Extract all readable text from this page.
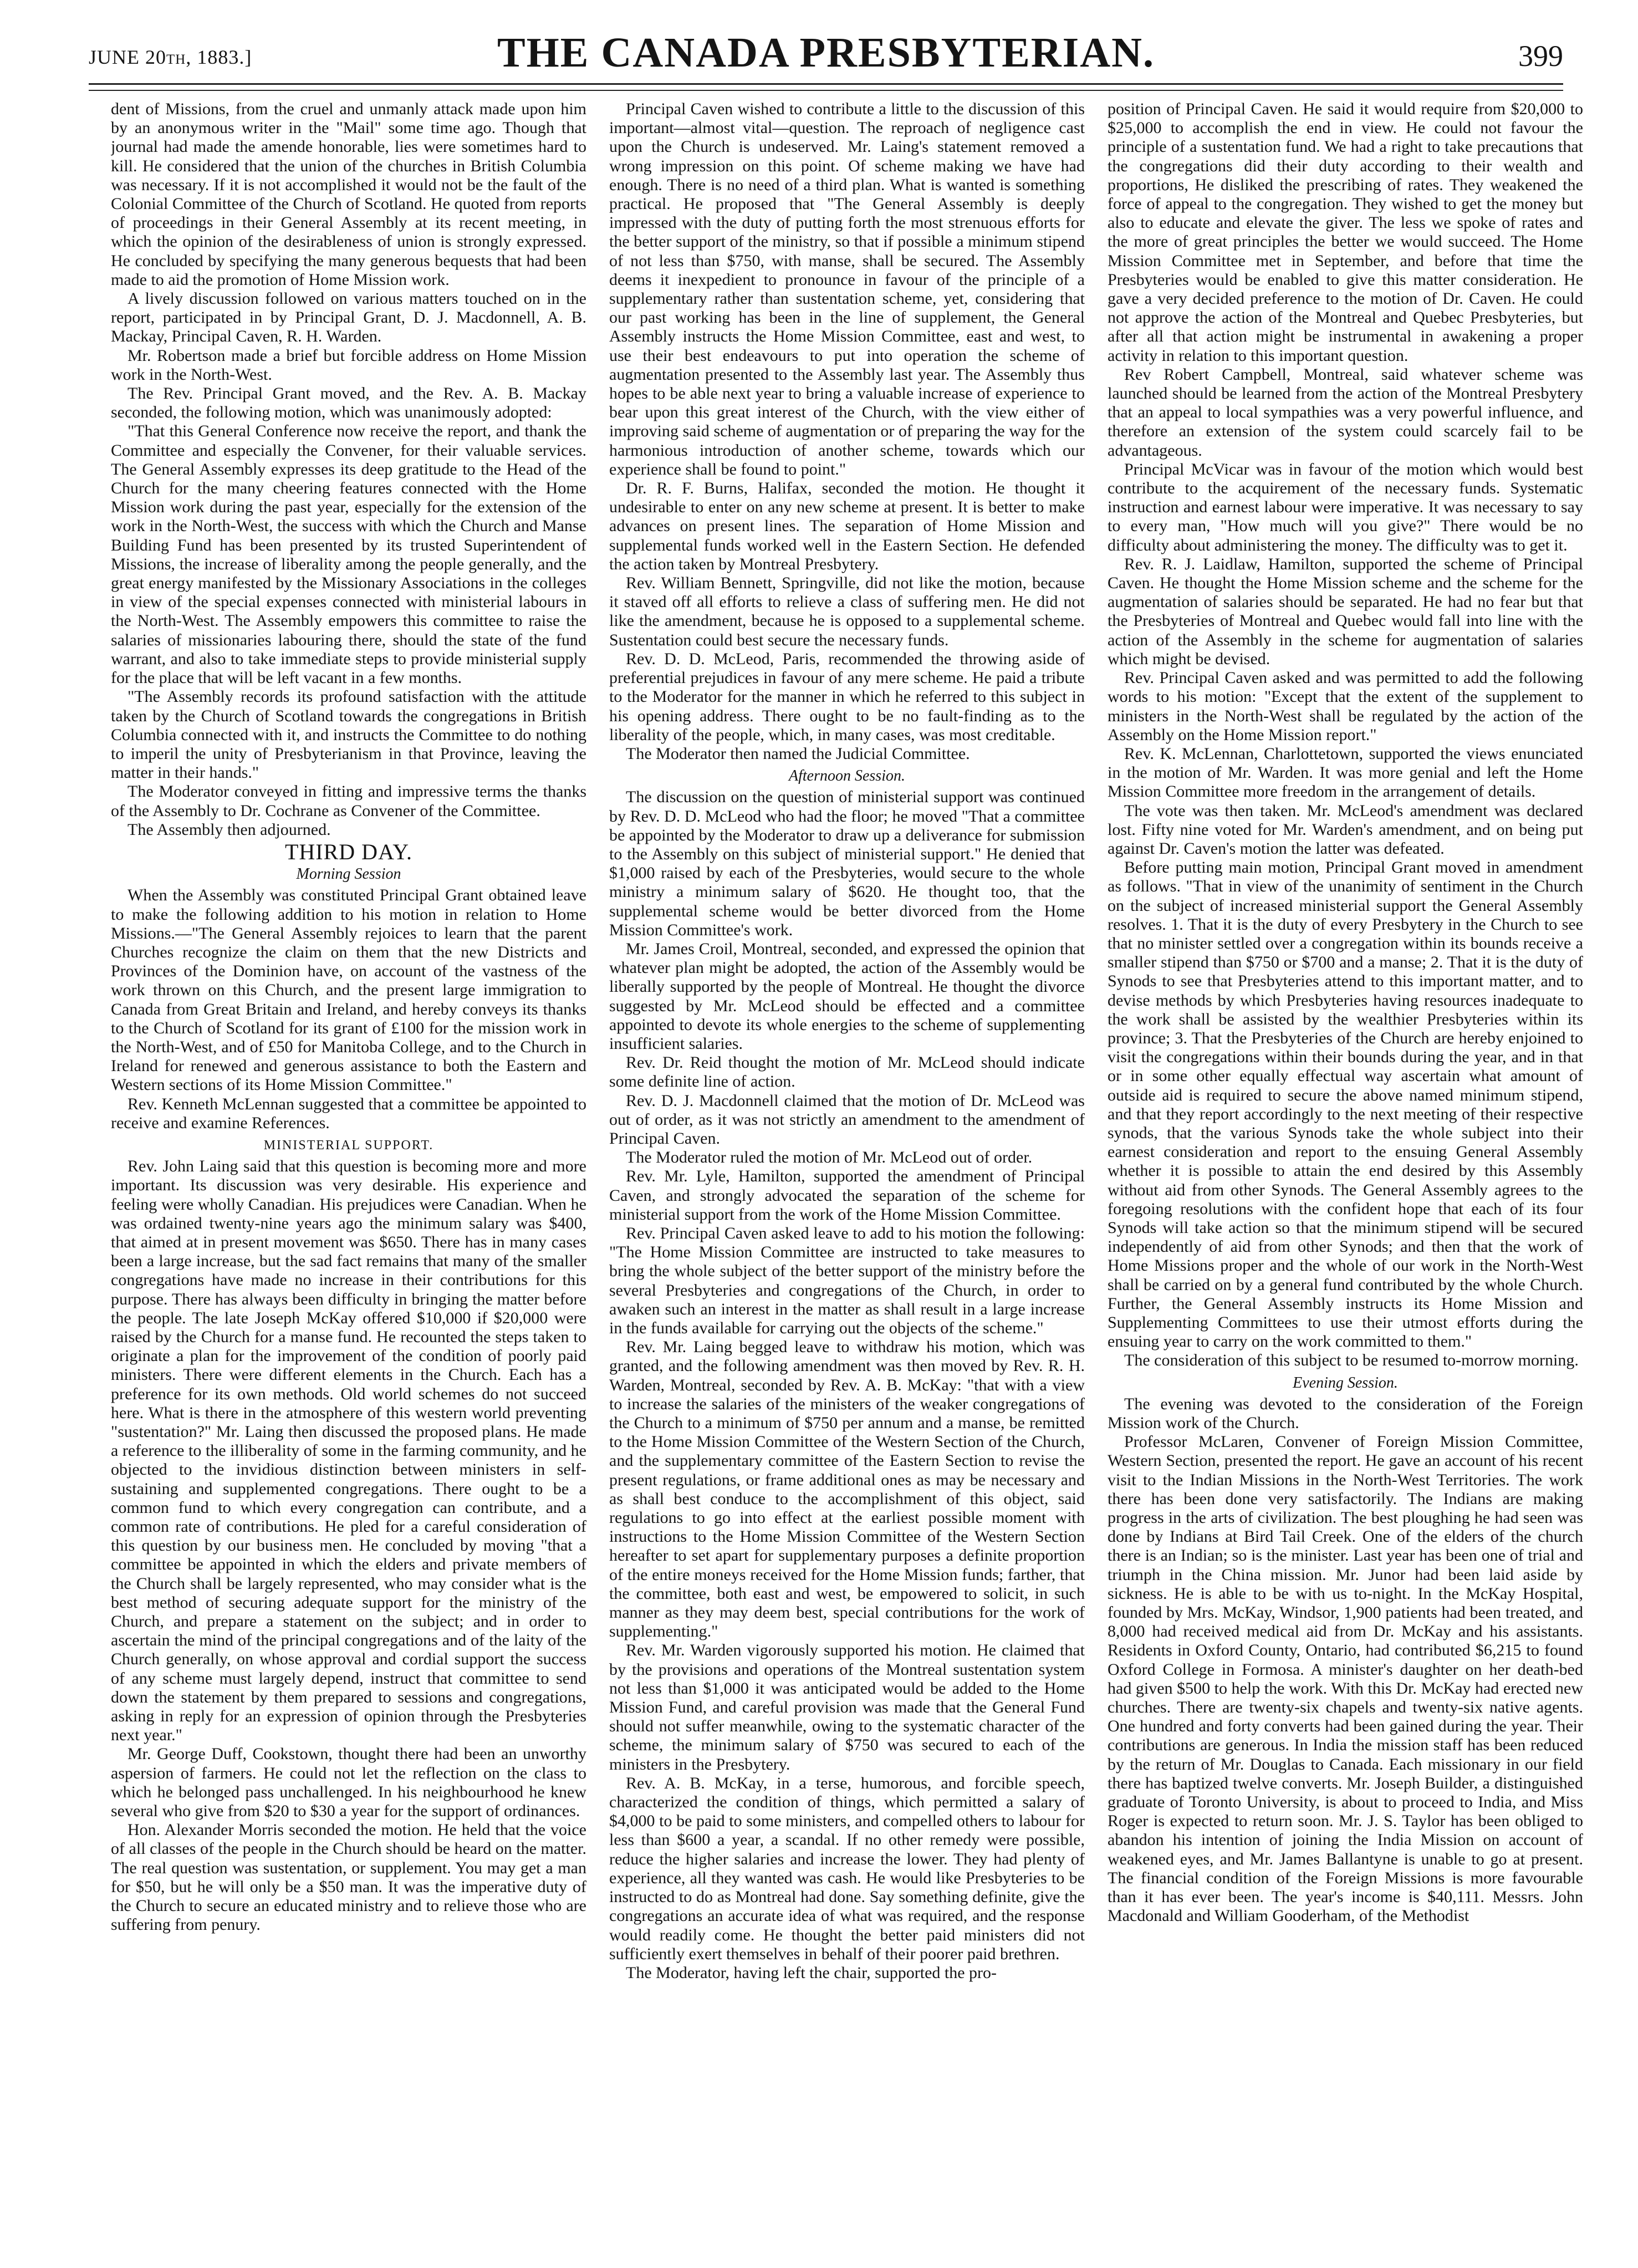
JUNE 20th, 1883.]	THE CANADA PRESBYTERIAN.	399

dent of Missions, from the cruel and unmanly attack made upon him by an anonymous writer in the "Mail" some time ago. Though that journal had made the amende honorable, lies were sometimes hard to kill. He considered that the union of the churches in British Columbia was necessary. If it is not accomplished it would not be the fault of the Colonial Committee of the Church of Scotland. He quoted from reports of proceedings in their General Assembly at its recent meeting, in which the opinion of the desirableness of union is strongly expressed. He concluded by specifying the many generous bequests that had been made to aid the promotion of Home Mission work.

A lively discussion followed on various matters touched on in the report, participated in by Principal Grant, D. J. Macdonnell, A. B. Mackay, Principal Caven, R. H. Warden.

Mr. Robertson made a brief but forcible address on Home Mission work in the North-West.

The Rev. Principal Grant moved, and the Rev. A. B. Mackay seconded, the following motion, which was unanimously adopted:

"That this General Conference now receive the report, and thank the Committee and especially the Convener, for their valuable services. The General Assembly expresses its deep gratitude to the Head of the Church for the many cheering features connected with the Home Mission work during the past year, especially for the extension of the work in the North-West, the success with which the Church and Manse Building Fund has been presented by its trusted Superintendent of Missions, the increase of liberality among the people generally, and the great energy manifested by the Missionary Associations in the colleges in view of the special expenses connected with ministerial labours in the North-West. The Assembly empowers this committee to raise the salaries of missionaries labouring there, should the state of the fund warrant, and also to take immediate steps to provide ministerial supply for the place that will be left vacant in a few months.

"The Assembly records its profound satisfaction with the attitude taken by the Church of Scotland towards the congregations in British Columbia connected with it, and instructs the Committee to do nothing to imperil the unity of Presbyterianism in that Province, leaving the matter in their hands."

The Moderator conveyed in fitting and impressive terms the thanks of the Assembly to Dr. Cochrane as Convener of the Committee.

The Assembly then adjourned.

THIRD DAY.
Morning Session

When the Assembly was constituted Principal Grant obtained leave to make the following addition to his motion in relation to Home Missions.—"The General Assembly rejoices to learn that the parent Churches recognize the claim on them that the new Districts and Provinces of the Dominion have, on account of the vastness of the work thrown on this Church, and the present large immigration to Canada from Great Britain and Ireland, and hereby conveys its thanks to the Church of Scotland for its grant of £100 for the mission work in the North-West, and of £50 for Manitoba College, and to the Church in Ireland for renewed and generous assistance to both the Eastern and Western sections of its Home Mission Committee."

Rev. Kenneth McLennan suggested that a committee be appointed to receive and examine References.

MINISTERIAL SUPPORT.

Rev. John Laing said that this question is becoming more and more important. Its discussion was very desirable. His experience and feeling were wholly Canadian. His prejudices were Canadian. When he was ordained twenty-nine years ago the minimum salary was $400, that aimed at in present movement was $650. There has in many cases been a large increase, but the sad fact remains that many of the smaller congregations have made no increase in their contributions for this purpose. There has always been difficulty in bringing the matter before the people. The late Joseph McKay offered $10,000 if $20,000 were raised by the Church for a manse fund. He recounted the steps taken to originate a plan for the improvement of the condition of poorly paid ministers. There were different elements in the Church. Each has a preference for its own methods. Old world schemes do not succeed here. What is there in the atmosphere of this western world preventing "sustentation?" Mr. Laing then discussed the proposed plans. He made a reference to the illiberality of some in the farming community, and he objected to the invidious distinction between ministers in self-sustaining and supplemented congregations. There ought to be a common fund to which every congregation can contribute, and a common rate of contributions. He pled for a careful consideration of this question by our business men. He concluded by moving "that a committee be appointed in which the elders and private members of the Church shall be largely represented, who may consider what is the best method of securing adequate support for the ministry of the Church, and prepare a statement on the subject; and in order to ascertain the mind of the principal congregations and of the laity of the Church generally, on whose approval and cordial support the success of any scheme must largely depend, instruct that committee to send down the statement by them prepared to sessions and congregations, asking in reply for an expression of opinion through the Presbyteries next year."

Mr. George Duff, Cookstown, thought there had been an unworthy aspersion of farmers. He could not let the reflection on the class to which he belonged pass unchallenged. In his neighbourhood he knew several who give from $20 to $30 a year for the support of ordinances.

Hon. Alexander Morris seconded the motion. He held that the voice of all classes of the people in the Church should be heard on the matter. The real question was sustentation, or supplement. You may get a man for $50, but he will only be a $50 man. It was the imperative duty of the Church to secure an educated ministry and to relieve those who are suffering from penury.

Principal Caven wished to contribute a little to the discussion of this important—almost vital—question. The reproach of negligence cast upon the Church is undeserved. Mr. Laing's statement removed a wrong impression on this point. Of scheme making we have had enough. There is no need of a third plan. What is wanted is something practical. He proposed that "The General Assembly is deeply impressed with the duty of putting forth the most strenuous efforts for the better support of the ministry, so that if possible a minimum stipend of not less than $750, with manse, shall be secured. The Assembly deems it inexpedient to pronounce in favour of the principle of a supplementary rather than sustentation scheme, yet, considering that our past working has been in the line of supplement, the General Assembly instructs the Home Mission Committee, east and west, to use their best endeavours to put into operation the scheme of augmentation presented to the Assembly last year. The Assembly thus hopes to be able next year to bring a valuable increase of experience to bear upon this great interest of the Church, with the view either of improving said scheme of augmentation or of preparing the way for the harmonious introduction of another scheme, towards which our experience shall be found to point."

Dr. R. F. Burns, Halifax, seconded the motion. He thought it undesirable to enter on any new scheme at present. It is better to make advances on present lines. The separation of Home Mission and supplemental funds worked well in the Eastern Section. He defended the action taken by Montreal Presbytery.

Rev. William Bennett, Springville, did not like the motion, because it staved off all efforts to relieve a class of suffering men. He did not like the amendment, because he is opposed to a supplemental scheme. Sustentation could best secure the necessary funds.

Rev. D. D. McLeod, Paris, recommended the throwing aside of preferential prejudices in favour of any mere scheme. He paid a tribute to the Moderator for the manner in which he referred to this subject in his opening address. There ought to be no fault-finding as to the liberality of the people, which, in many cases, was most creditable.

The Moderator then named the Judicial Committee.

Afternoon Session.

The discussion on the question of ministerial support was continued by Rev. D. D. McLeod who had the floor; he moved "That a committee be appointed by the Moderator to draw up a deliverance for submission to the Assembly on this subject of ministerial support." He denied that $1,000 raised by each of the Presbyteries, would secure to the whole ministry a minimum salary of $620. He thought too, that the supplemental scheme would be better divorced from the Home Mission Committee's work.

Mr. James Croil, Montreal, seconded, and expressed the opinion that whatever plan might be adopted, the action of the Assembly would be liberally supported by the people of Montreal. He thought the divorce suggested by Mr. McLeod should be effected and a committee appointed to devote its whole energies to the scheme of supplementing insufficient salaries.

Rev. Dr. Reid thought the motion of Mr. McLeod should indicate some definite line of action.

Rev. D. J. Macdonnell claimed that the motion of Dr. McLeod was out of order, as it was not strictly an amendment to the amendment of Principal Caven.

The Moderator ruled the motion of Mr. McLeod out of order.

Rev. Mr. Lyle, Hamilton, supported the amendment of Principal Caven, and strongly advocated the separation of the scheme for ministerial support from the work of the Home Mission Committee.

Rev. Principal Caven asked leave to add to his motion the following: "The Home Mission Committee are instructed to take measures to bring the whole subject of the better support of the ministry before the several Presbyteries and congregations of the Church, in order to awaken such an interest in the matter as shall result in a large increase in the funds available for carrying out the objects of the scheme."

Rev. Mr. Laing begged leave to withdraw his motion, which was granted, and the following amendment was then moved by Rev. R. H. Warden, Montreal, seconded by Rev. A. B. McKay: "that with a view to increase the salaries of the ministers of the weaker congregations of the Church to a minimum of $750 per annum and a manse, be remitted to the Home Mission Committee of the Western Section of the Church, and the supplementary committee of the Eastern Section to revise the present regulations, or frame additional ones as may be necessary and as shall best conduce to the accomplishment of this object, said regulations to go into effect at the earliest possible moment with instructions to the Home Mission Committee of the Western Section hereafter to set apart for supplementary purposes a definite proportion of the entire moneys received for the Home Mission funds; farther, that the committee, both east and west, be empowered to solicit, in such manner as they may deem best, special contributions for the work of supplementing."

Rev. Mr. Warden vigorously supported his motion. He claimed that by the provisions and operations of the Montreal sustentation system not less than $1,000 it was anticipated would be added to the Home Mission Fund, and careful provision was made that the General Fund should not suffer meanwhile, owing to the systematic character of the scheme, the minimum salary of $750 was secured to each of the ministers in the Presbytery.

Rev. A. B. McKay, in a terse, humorous, and forcible speech, characterized the condition of things, which permitted a salary of $4,000 to be paid to some ministers, and compelled others to labour for less than $600 a year, a scandal. If no other remedy were possible, reduce the higher salaries and increase the lower. They had plenty of experience, all they wanted was cash. He would like Presbyteries to be instructed to do as Montreal had done. Say something definite, give the congregations an accurate idea of what was required, and the response would readily come. He thought the better paid ministers did not sufficiently exert themselves in behalf of their poorer paid brethren.

The Moderator, having left the chair, supported the pro-

position of Principal Caven. He said it would require from $20,000 to $25,000 to accomplish the end in view. He could not favour the principle of a sustentation fund. We had a right to take precautions that the congregations did their duty according to their wealth and proportions, He disliked the prescribing of rates. They weakened the force of appeal to the congregation. They wished to get the money but also to educate and elevate the giver. The less we spoke of rates and the more of great principles the better we would succeed. The Home Mission Committee met in September, and before that time the Presbyteries would be enabled to give this matter consideration. He gave a very decided preference to the motion of Dr. Caven. He could not approve the action of the Montreal and Quebec Presbyteries, but after all that action might be instrumental in awakening a proper activity in relation to this important question.

Rev Robert Campbell, Montreal, said whatever scheme was launched should be learned from the action of the Montreal Presbytery that an appeal to local sympathies was a very powerful influence, and therefore an extension of the system could scarcely fail to be advantageous.

Principal McVicar was in favour of the motion which would best contribute to the acquirement of the necessary funds. Systematic instruction and earnest labour were imperative. It was necessary to say to every man, "How much will you give?" There would be no difficulty about administering the money. The difficulty was to get it.

Rev. R. J. Laidlaw, Hamilton, supported the scheme of Principal Caven. He thought the Home Mission scheme and the scheme for the augmentation of salaries should be separated. He had no fear but that the Presbyteries of Montreal and Quebec would fall into line with the action of the Assembly in the scheme for augmentation of salaries which might be devised.

Rev. Principal Caven asked and was permitted to add the following words to his motion: "Except that the extent of the supplement to ministers in the North-West shall be regulated by the action of the Assembly on the Home Mission report."

Rev. K. McLennan, Charlottetown, supported the views enunciated in the motion of Mr. Warden. It was more genial and left the Home Mission Committee more freedom in the arrangement of details.

The vote was then taken. Mr. McLeod's amendment was declared lost. Fifty nine voted for Mr. Warden's amendment, and on being put against Dr. Caven's motion the latter was defeated.

Before putting main motion, Principal Grant moved in amendment as follows. "That in view of the unanimity of sentiment in the Church on the subject of increased ministerial support the General Assembly resolves. 1. That it is the duty of every Presbytery in the Church to see that no minister settled over a congregation within its bounds receive a smaller stipend than $750 or $700 and a manse; 2. That it is the duty of Synods to see that Presbyteries attend to this important matter, and to devise methods by which Presbyteries having resources inadequate to the work shall be assisted by the wealthier Presbyteries within its province; 3. That the Presbyteries of the Church are hereby enjoined to visit the congregations within their bounds during the year, and in that or in some other equally effectual way ascertain what amount of outside aid is required to secure the above named minimum stipend, and that they report accordingly to the next meeting of their respective synods, that the various Synods take the whole subject into their earnest consideration and report to the ensuing General Assembly whether it is possible to attain the end desired by this Assembly without aid from other Synods. The General Assembly agrees to the foregoing resolutions with the confident hope that each of its four Synods will take action so that the minimum stipend will be secured independently of aid from other Synods; and then that the work of Home Missions proper and the whole of our work in the North-West shall be carried on by a general fund contributed by the whole Church. Further, the General Assembly instructs its Home Mission and Supplementing Committees to use their utmost efforts during the ensuing year to carry on the work committed to them."

The consideration of this subject to be resumed to-morrow morning.

Evening Session.

The evening was devoted to the consideration of the Foreign Mission work of the Church.

Professor McLaren, Convener of Foreign Mission Committee, Western Section, presented the report. He gave an account of his recent visit to the Indian Missions in the North-West Territories. The work there has been done very satisfactorily. The Indians are making progress in the arts of civilization. The best ploughing he had seen was done by Indians at Bird Tail Creek. One of the elders of the church there is an Indian; so is the minister. Last year has been one of trial and triumph in the China mission. Mr. Junor had been laid aside by sickness. He is able to be with us to-night. In the McKay Hospital, founded by Mrs. McKay, Windsor, 1,900 patients had been treated, and 8,000 had received medical aid from Dr. McKay and his assistants. Residents in Oxford County, Ontario, had contributed $6,215 to found Oxford College in Formosa. A minister's daughter on her death-bed had given $500 to help the work. With this Dr. McKay had erected new churches. There are twenty-six chapels and twenty-six native agents. One hundred and forty converts had been gained during the year. Their contributions are generous. In India the mission staff has been reduced by the return of Mr. Douglas to Canada. Each missionary in our field there has baptized twelve converts. Mr. Joseph Builder, a distinguished graduate of Toronto University, is about to proceed to India, and Miss Roger is expected to return soon. Mr. J. S. Taylor has been obliged to abandon his intention of joining the India Mission on account of weakened eyes, and Mr. James Ballantyne is unable to go at present. The financial condition of the Foreign Missions is more favourable than it has ever been. The year's income is $40,111. Messrs. John Macdonald and William Gooderham, of the Methodist
